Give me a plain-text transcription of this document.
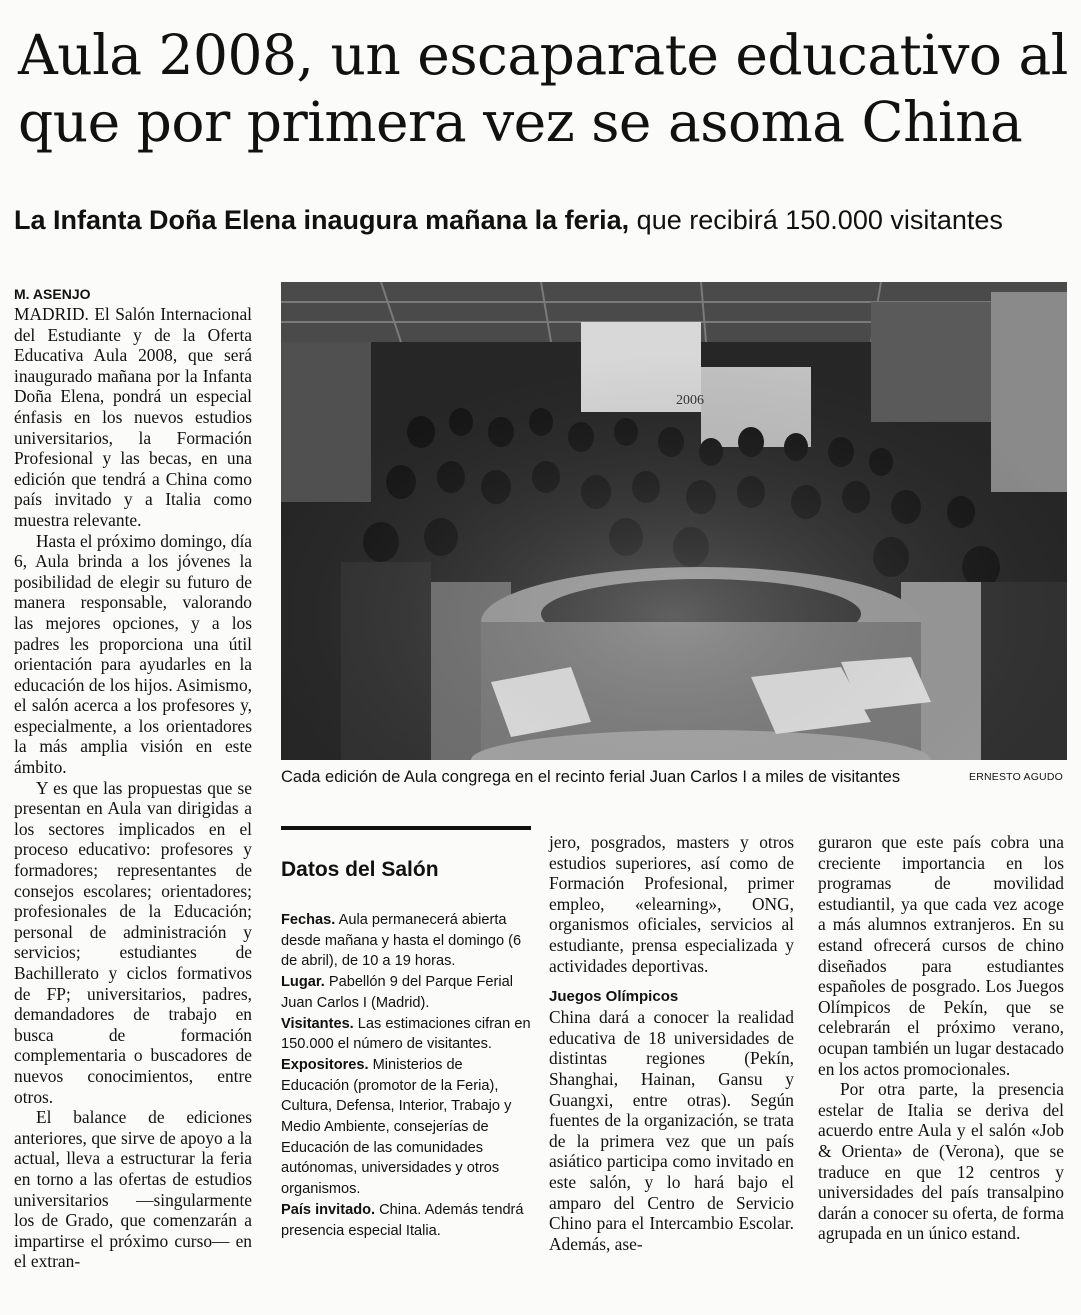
Aula 2008, un escaparate educativo al que por primera vez se asoma China
La Infanta Doña Elena inaugura mañana la feria, que recibirá 150.000 visitantes
M. ASENJO

MADRID. El Salón Internacional del Estudiante y de la Oferta Educativa Aula 2008, que será inaugurado mañana por la Infanta Doña Elena, pondrá un especial énfasis en los nuevos estudios universitarios, la Formación Profesional y las becas, en una edición que tendrá a China como país invitado y a Italia como muestra relevante.

Hasta el próximo domingo, día 6, Aula brinda a los jóvenes la posibilidad de elegir su futuro de manera responsable, valorando las mejores opciones, y a los padres les proporciona una útil orientación para ayudarles en la educación de los hijos. Asimismo, el salón acerca a los profesores y, especialmente, a los orientadores la más amplia visión en este ámbito.

Y es que las propuestas que se presentan en Aula van dirigidas a los sectores implicados en el proceso educativo: profesores y formadores; representantes de consejos escolares; orientadores; profesionales de la Educación; personal de administración y servicios; estudiantes de Bachillerato y ciclos formativos de FP; universitarios, padres, demandadores de trabajo en busca de formación complementaria o buscadores de nuevos conocimientos, entre otros.

El balance de ediciones anteriores, que sirve de apoyo a la actual, lleva a estructurar la feria en torno a las ofertas de estudios universitarios —singularmente los de Grado, que comenzarán a impartirse el próximo curso— en el extran-

2006
Cada edición de Aula congrega en el recinto ferial Juan Carlos I a miles de visitantes	ERNESTO AGUDO
Datos del Salón

Fechas. Aula permanecerá abierta desde mañana y hasta el domingo (6 de abril), de 10 a 19 horas.

Lugar. Pabellón 9 del Parque Ferial Juan Carlos I (Madrid).

Visitantes. Las estimaciones cifran en 150.000 el número de visitantes.

Expositores. Ministerios de Educación (promotor de la Feria), Cultura, Defensa, Interior, Trabajo y Medio Ambiente, consejerías de Educación de las comunidades autónomas, universidades y otros organismos.

País invitado. China. Además tendrá presencia especial Italia.

jero, posgrados, masters y otros estudios superiores, así como de Formación Profesional, primer empleo, «elearning», ONG, organismos oficiales, servicios al estudiante, prensa especializada y actividades deportivas.

Juegos Olímpicos

China dará a conocer la realidad educativa de 18 universidades de distintas regiones (Pekín, Shanghai, Hainan, Gansu y Guangxi, entre otras). Según fuentes de la organización, se trata de la primera vez que un país asiático participa como invitado en este salón, y lo hará bajo el amparo del Centro de Servicio Chino para el Intercambio Escolar. Además, ase-

guraron que este país cobra una creciente importancia en los programas de movilidad estudiantil, ya que cada vez acoge a más alumnos extranjeros. En su estand ofrecerá cursos de chino diseñados para estudiantes españoles de posgrado. Los Juegos Olímpicos de Pekín, que se celebrarán el próximo verano, ocupan también un lugar destacado en los actos promocionales.

Por otra parte, la presencia estelar de Italia se deriva del acuerdo entre Aula y el salón «Job & Orienta» de (Verona), que se traduce en que 12 centros y universidades del país transalpino darán a conocer su oferta, de forma agrupada en un único estand.
